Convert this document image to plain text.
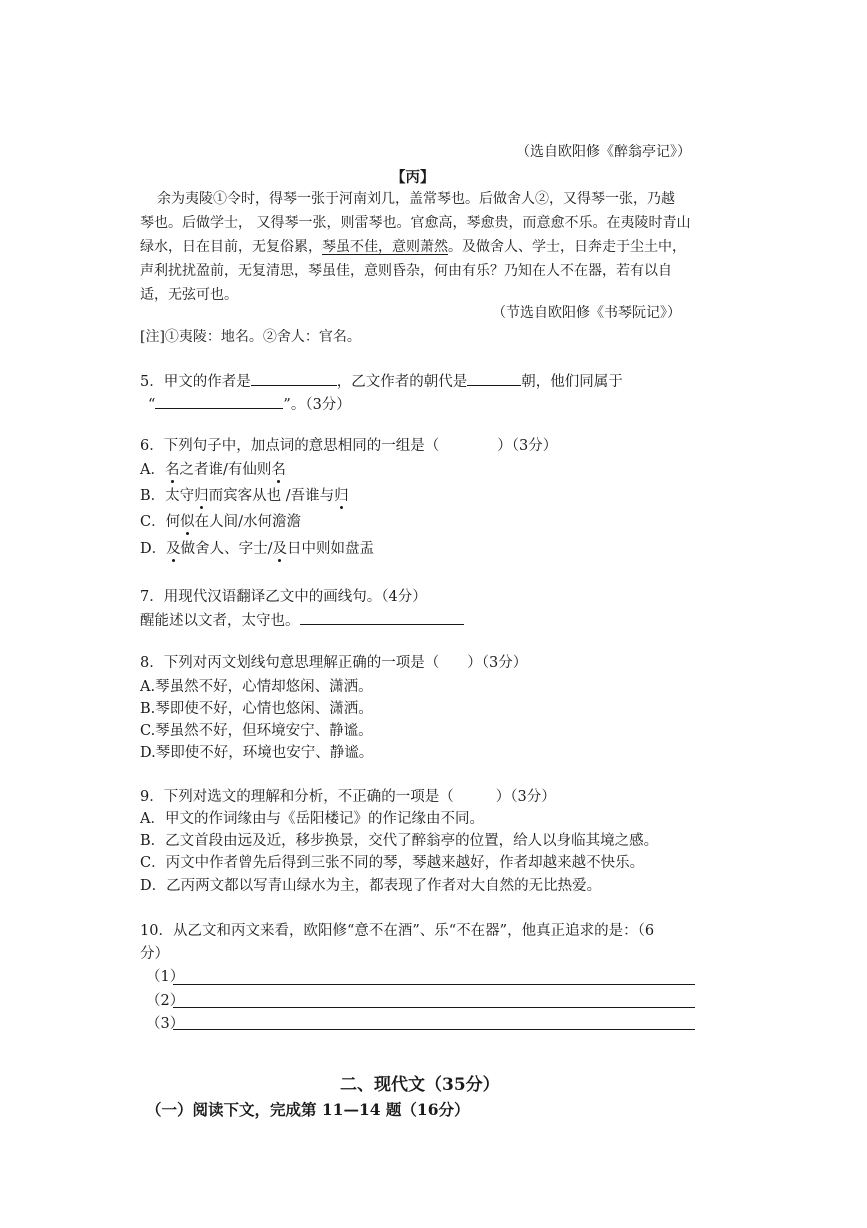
（选自欧阳修《醉翁亭记》）
【丙】
余为夷陵①令时，得琴一张于河南刘几，盖常琴也。后做舍人②，又得琴一张，乃越
琴也。后做学士， 又得琴一张，则雷琴也。官愈高，琴愈贵，而意愈不乐。在夷陵时青山
绿水，日在目前，无复俗累，琴虽不佳，意则萧然。及做舍人、学士，日奔走于尘土中，
声利扰扰盈前，无复清思，琴虽佳，意则昏杂，何由有乐？乃知在人不在器，若有以自
适，无弦可也。
（节选自欧阳修《书琴阮记》）
[注]①夷陵：地名。②舍人：官名。
5．甲文的作者是	，乙文作者的朝代是	朝，他们同属于
“	”。（3分）
6．下列句子中，加点词的意思相同的一组是（	）（3分）
A．名之者谁/有仙则名
B．太守归而宾客从也 /吾谁与归
C．何似在人间/水何澹澹
D．及做舍人、字士/及日中则如盘盂
7．用现代汉语翻译乙文中的画线句。（4分）
醒能述以文者，太守也。
8．下列对丙文划线句意思理解正确的一项是（ ）（3分）
A.琴虽然不好，心情却悠闲、潇洒。
B.琴即使不好，心情也悠闲、潇洒。
C.琴虽然不好，但环境安宁、静谧。
D.琴即使不好，环境也安宁、静谧。
9．下列对选文的理解和分析，不正确的一项是（	）（3分）
A．甲文的作词缘由与《岳阳楼记》的作记缘由不同。
B．乙文首段由远及近，移步换景，交代了醉翁亭的位置，给人以身临其境之感。
C．丙文中作者曾先后得到三张不同的琴，琴越来越好，作者却越来越不快乐。
D．乙丙两文都以写青山绿水为主，都表现了作者对大自然的无比热爱。
10．从乙文和丙文来看，欧阳修“意不在酒”、乐“不在器”，他真正追求的是：（6
分）
（1）
（2）
（3）
二、现代文（35分）
（一）阅读下文，完成第 11—14 题（16分）
